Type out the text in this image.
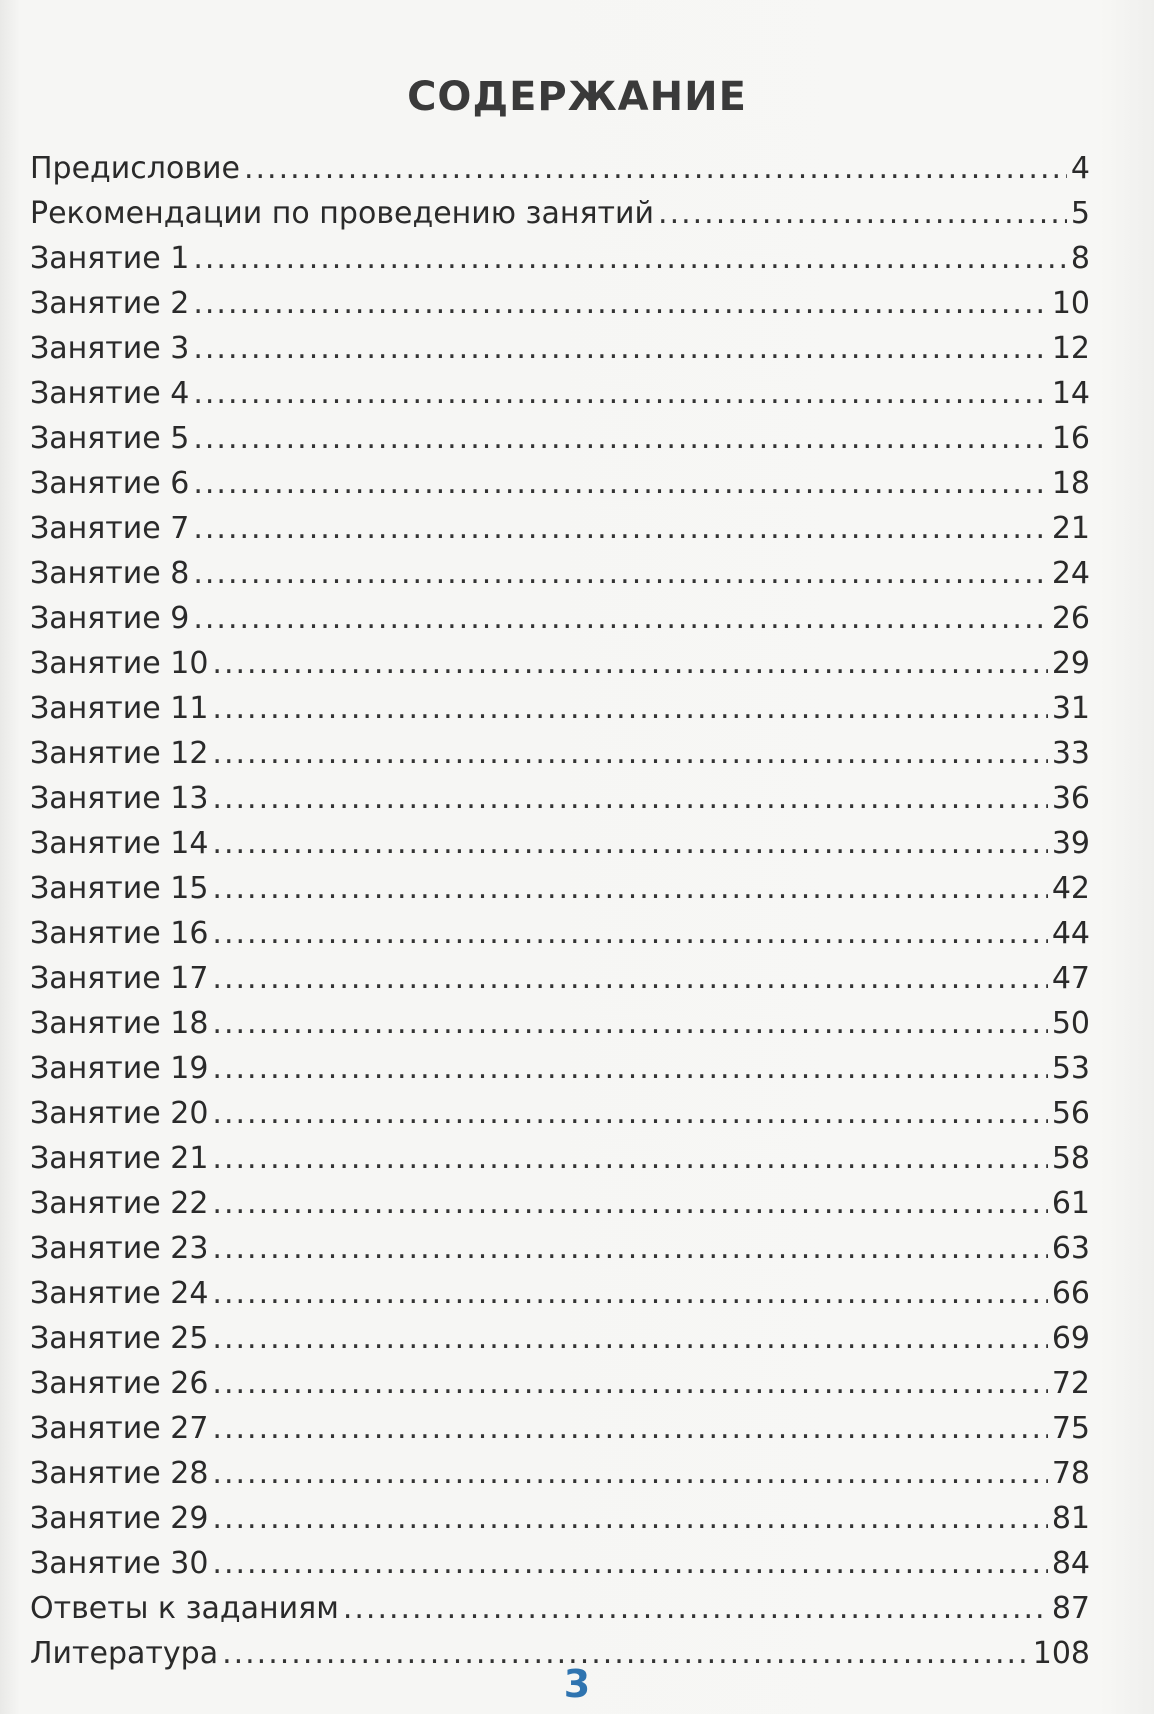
СОДЕРЖАНИЕ
Предисловие .....	4
Рекомендации по проведению занятий .....	5
Занятие 1 .....	8
Занятие 2 .....	10
Занятие 3 .....	12
Занятие 4 .....	14
Занятие 5 .....	16
Занятие 6 .....	18
Занятие 7 .....	21
Занятие 8 .....	24
Занятие 9 .....	26
Занятие 10 .....	29
Занятие 11 .....	31
Занятие 12 .....	33
Занятие 13 .....	36
Занятие 14 .....	39
Занятие 15 .....	42
Занятие 16 .....	44
Занятие 17 .....	47
Занятие 18 .....	50
Занятие 19 .....	53
Занятие 20 .....	56
Занятие 21 .....	58
Занятие 22 .....	61
Занятие 23 .....	63
Занятие 24 .....	66
Занятие 25 .....	69
Занятие 26 .....	72
Занятие 27 .....	75
Занятие 28 .....	78
Занятие 29 .....	81
Занятие 30 .....	84
Ответы к заданиям .....	87
Литература .....	108
3
